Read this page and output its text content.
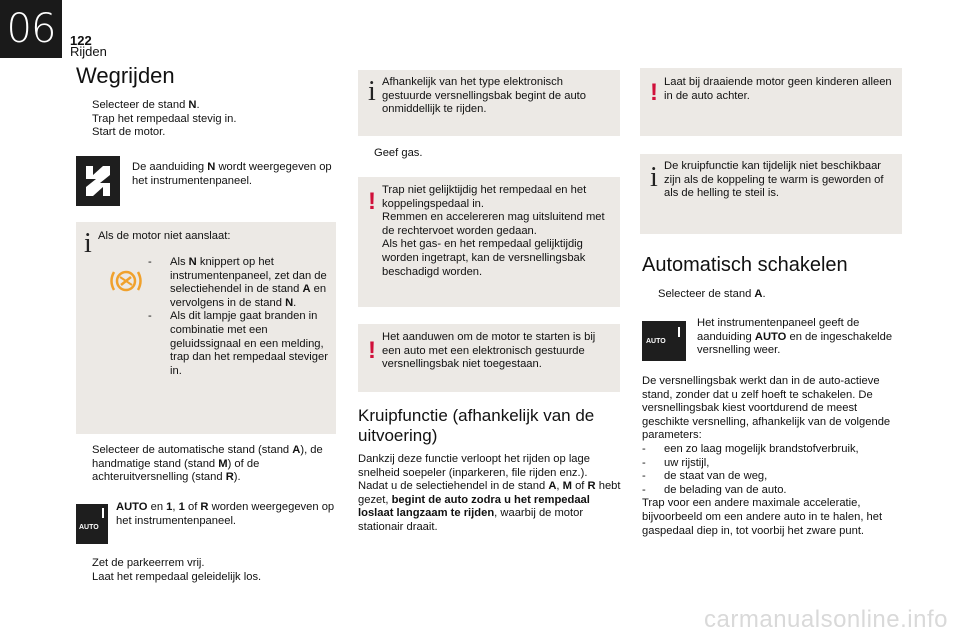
06	122
Rijden
Wegrijden
Selecteer de stand N.
Trap het rempedaal stevig in.
Start de motor.
De aanduiding N wordt weergegeven op het instrumentenpaneel.
i Als de motor niet aanslaat:
-	Als N knippert op het instrumentenpaneel, zet dan de selectiehendel in de stand A en vervolgens in de stand N.
-	Als dit lampje gaat branden in combinatie met een geluidssignaal en een melding, trap dan het rempedaal steviger in.
Selecteer de automatische stand (stand A), de handmatige stand (stand M) of de achteruitversnelling (stand R).
AUTO
AUTO en 1, 1 of R worden weergegeven op het instrumentenpaneel.
Zet de parkeerrem vrij.
Laat het rempedaal geleidelijk los.
i Afhankelijk van het type elektronisch gestuurde versnellingsbak begint de auto onmiddellijk te rijden.
Geef gas.
! Trap niet gelijktijdig het rempedaal en het koppelingspedaal in.
Remmen en accelereren mag uitsluitend met de rechtervoet worden gedaan.
Als het gas- en het rempedaal gelijktijdig worden ingetrapt, kan de versnellingsbak beschadigd worden.
! Het aanduwen om de motor te starten is bij een auto met een elektronisch gestuurde versnellingsbak niet toegestaan.
Kruipfunctie (afhankelijk van de uitvoering)
Dankzij deze functie verloopt het rijden op lage snelheid soepeler (inparkeren, file rijden enz.).
Nadat u de selectiehendel in de stand A, M of R hebt gezet, begint de auto zodra u het rempedaal loslaat langzaam te rijden, waarbij de motor stationair draait.
! Laat bij draaiende motor geen kinderen alleen in de auto achter.
i De kruipfunctie kan tijdelijk niet beschikbaar zijn als de koppeling te warm is geworden of als de helling te steil is.
Automatisch schakelen
Selecteer de stand A.
AUTO
Het instrumentenpaneel geeft de aanduiding AUTO en de ingeschakelde versnelling weer.
De versnellingsbak werkt dan in de auto-actieve stand, zonder dat u zelf hoeft te schakelen. De versnellingsbak kiest voortdurend de meest geschikte versnelling, afhankelijk van de volgende parameters:
-	een zo laag mogelijk brandstofverbruik,
-	uw rijstijl,
-	de staat van de weg,
-	de belading van de auto.
Trap voor een andere maximale acceleratie, bijvoorbeeld om een andere auto in te halen, het gaspedaal diep in, tot voorbij het zware punt.
carmanualsonline.info
